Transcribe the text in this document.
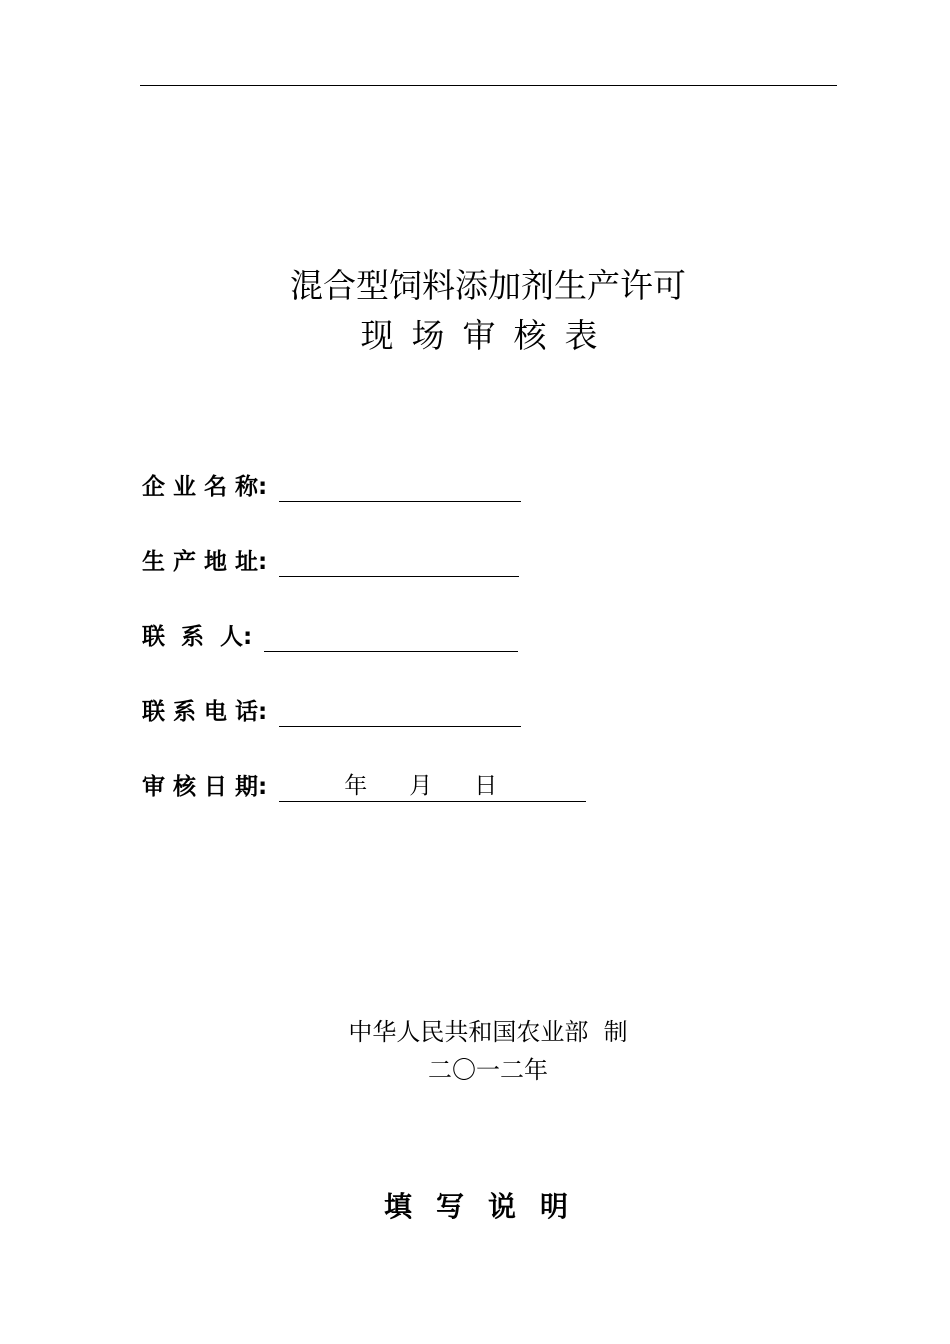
混合型饲料添加剂生产许可
现场审核表
企 业 名 称:
生 产 地 址:
联  系  人:
联 系 电 话:
审 核 日 期:	年 月 日
中华人民共和国农业部  制
二〇一二年
填写说明
